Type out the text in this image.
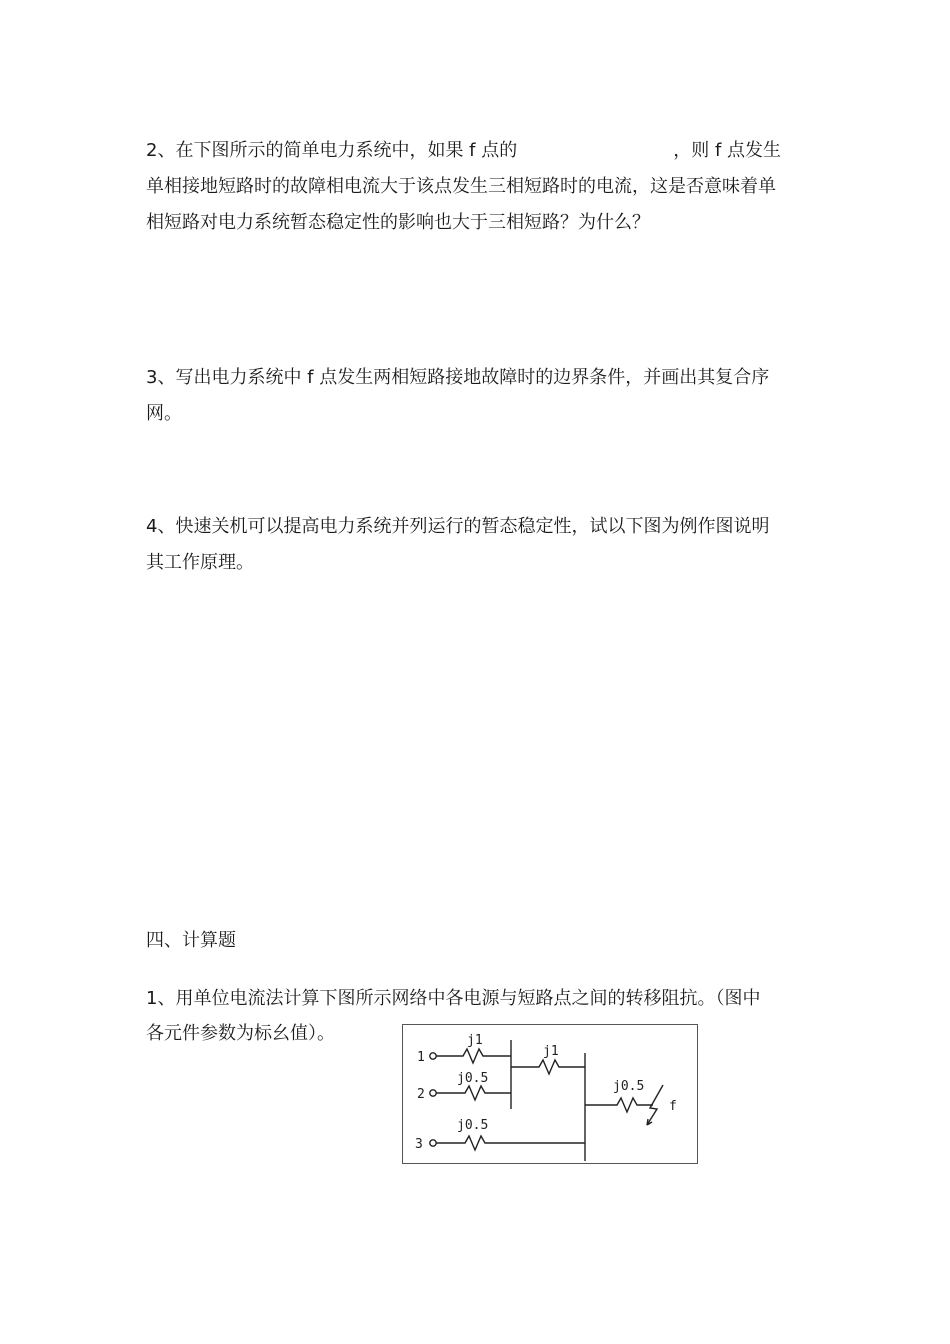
2、在下图所示的简单电力系统中，如果 f 点的	，则 f 点发生
单相接地短路时的故障相电流大于该点发生三相短路时的电流，这是否意味着单
相短路对电力系统暂态稳定性的影响也大于三相短路？为什么？
3、写出电力系统中 f 点发生两相短路接地故障时的边界条件，并画出其复合序
网。
4、快速关机可以提高电力系统并列运行的暂态稳定性，试以下图为例作图说明
其工作原理。
四、计算题
1、用单位电流法计算下图所示网络中各电源与短路点之间的转移阻抗。（图中
各元件参数为标幺值）。
1
2
3
j1
j0.5
j1
j0.5
j0.5
f
